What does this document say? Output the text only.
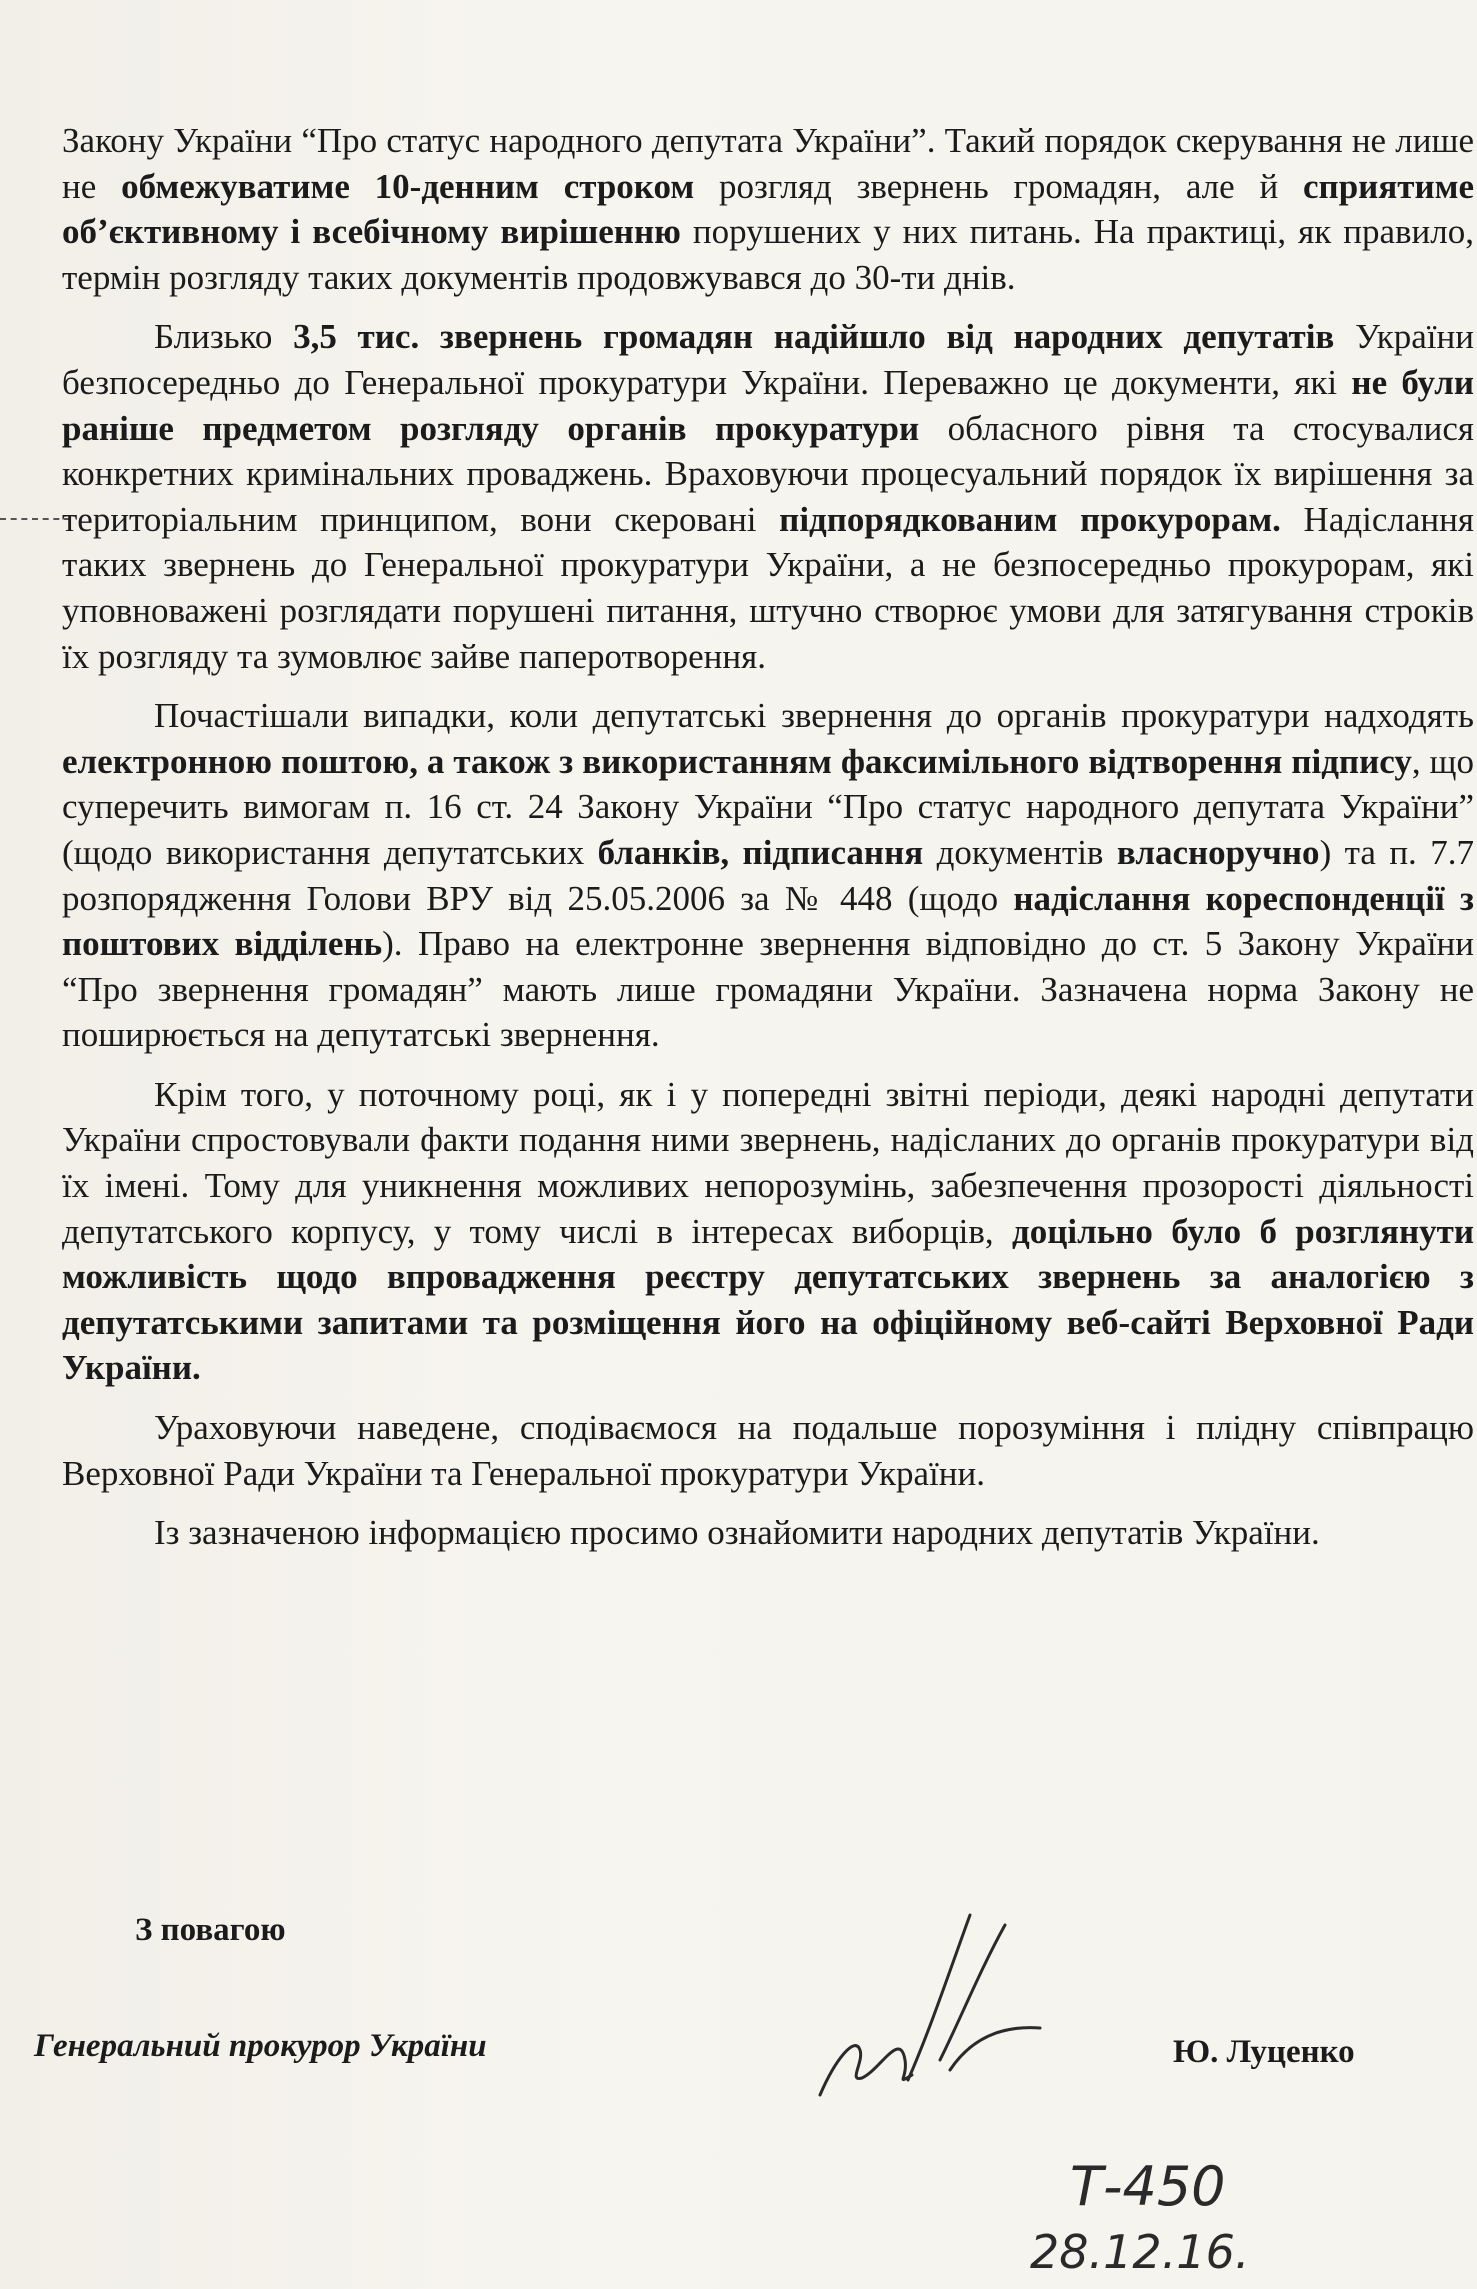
Закону України “Про статус народного депутата України”. Такий порядок скерування не лише не обмежуватиме 10-денним строком розгляд звернень громадян, але й сприятиме об’єктивному і всебічному вирішенню порушених у них питань. На практиці, як правило, термін розгляду таких документів продовжувався до 30-ти днів.

Близько 3,5 тис. звернень громадян надійшло від народних депутатів України безпосередньо до Генеральної прокуратури України. Переважно це документи, які не були раніше предметом розгляду органів прокуратури обласного рівня та стосувалися конкретних кримінальних проваджень. Враховуючи процесуальний порядок їх вирішення за територіальним принципом, вони скеровані підпорядкованим прокурорам. Надіслання таких звернень до Генеральної прокуратури України, а не безпосередньо прокурорам, які уповноважені розглядати порушені питання, штучно створює умови для затягування строків їх розгляду та зумовлює зайве паперотворення.

Почастішали випадки, коли депутатські звернення до органів прокуратури надходять електронною поштою, а також з використанням факсимільного відтворення підпису, що суперечить вимогам п. 16 ст. 24 Закону України “Про статус народного депутата України” (щодо використання депутатських бланків, підписання документів власноручно) та п. 7.7 розпорядження Голови ВРУ від 25.05.2006 за № 448 (щодо надіслання кореспонденції з поштових відділень). Право на електронне звернення відповідно до ст. 5 Закону України “Про звернення громадян” мають лише громадяни України. Зазначена норма Закону не поширюється на депутатські звернення.

Крім того, у поточному році, як і у попередні звітні періоди, деякі народні депутати України спростовували факти подання ними звернень, надісланих до органів прокуратури від їх імені. Тому для уникнення можливих непорозумінь, забезпечення прозорості діяльності депутатського корпусу, у тому числі в інтересах виборців, доцільно було б розглянути можливість щодо впровадження реєстру депутатських звернень за аналогією з депутатськими запитами та розміщення його на офіційному веб-сайті Верховної Ради України.

Ураховуючи наведене, сподіваємося на подальше порозуміння і плідну співпрацю Верховної Ради України та Генеральної прокуратури України.

Із зазначеною інформацією просимо ознайомити народних депутатів України.

З повагою
Генеральний прокурор України	Ю. Луценко
Т-450
28.12.16.
